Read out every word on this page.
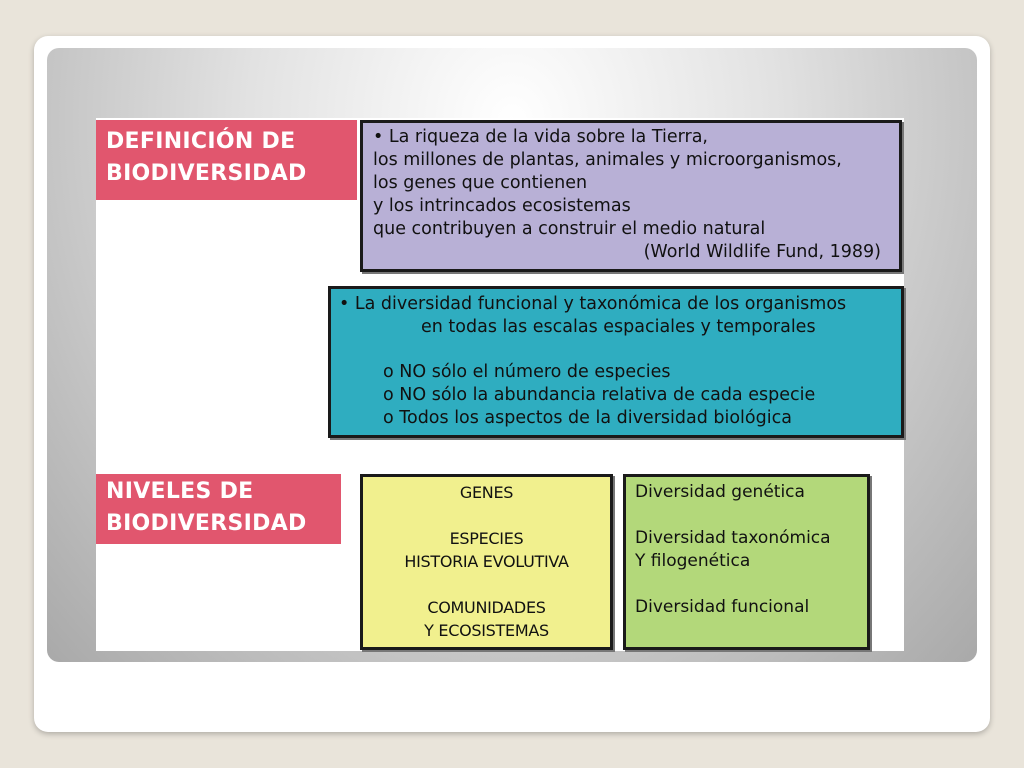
DEFINICIÓN DE
BIODIVERSIDAD
• La riqueza de la vida sobre la Tierra,
los millones de plantas, animales y microorganismos,
los genes que contienen
y los intrincados ecosistemas
que contribuyen a construir el medio natural
(World Wildlife Fund, 1989)
• La diversidad funcional y taxonómica de los organismos
en todas las escalas espaciales y temporales
o NO sólo el número de especies
o NO sólo la abundancia relativa de cada especie
o Todos los aspectos de la diversidad biológica
NIVELES DE
BIODIVERSIDAD
GENES
ESPECIES
HISTORIA EVOLUTIVA
COMUNIDADES
Y ECOSISTEMAS
Diversidad genética
Diversidad taxonómica
Y filogenética
Diversidad funcional
